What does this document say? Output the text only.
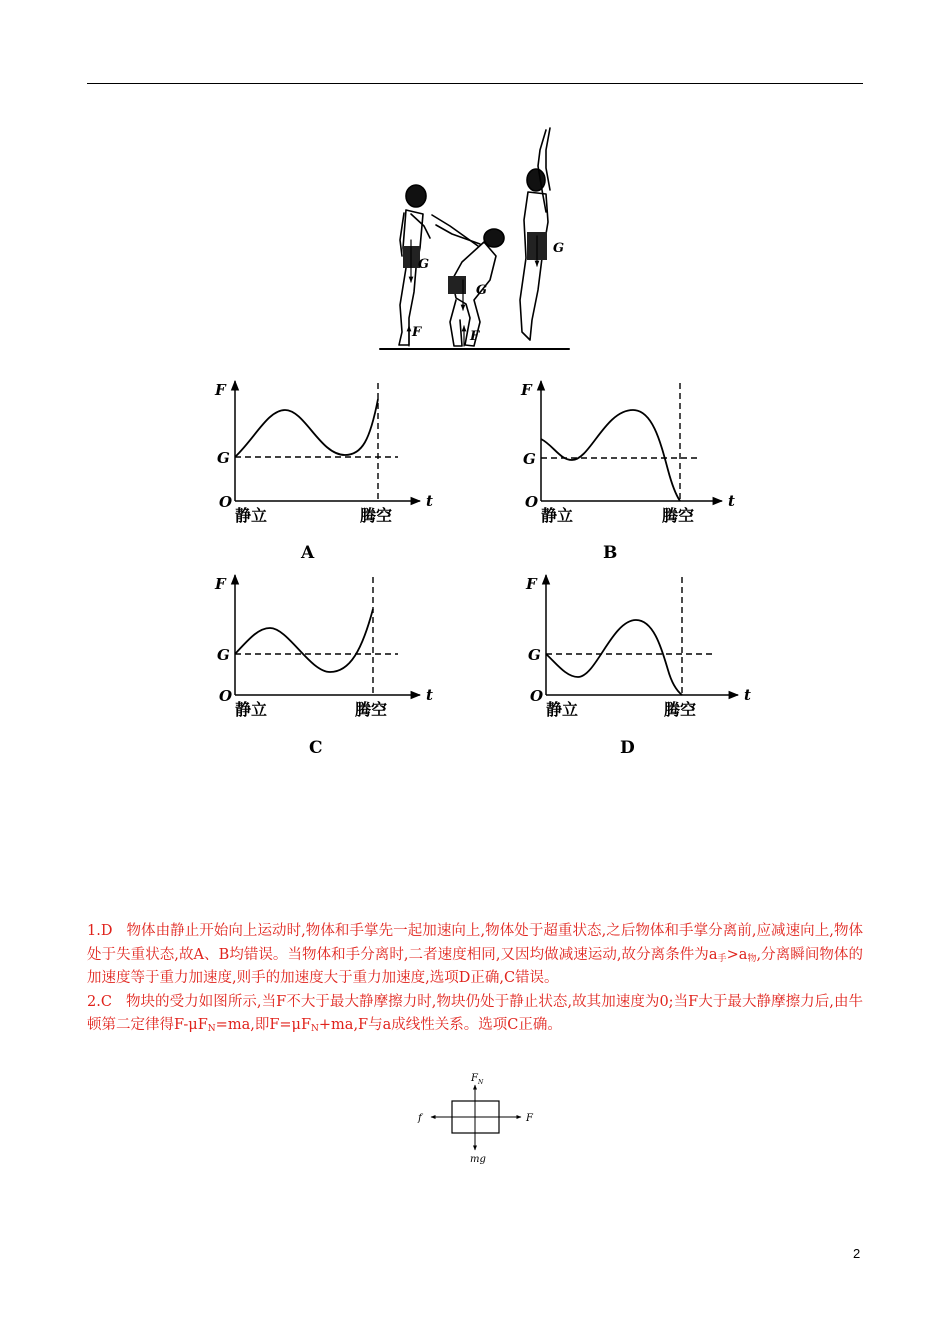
G
G
G
F	F
F
G
O	t
静立	腾空
A
F
G
O	t
静立	腾空
B
F
G
O	t
静立	腾空
C
F
G
O	t
静立	腾空
D
$F_N$
f	F
mg

1.D 物体由静止开始向上运动时,物体和手掌先一起加速向上,物体处于超重状态,之后物体和手掌分离前,应减速向上,物体处于失重状态,故A、B均错误。当物体和手分离时,二者速度相同,又因均做减速运动,故分离条件为$a_手>a_物$,分离瞬间物体的加速度等于重力加速度,则手的加速度大于重力加速度,选项D正确,C错误。

2.C 物块的受力如图所示,当F不大于最大静摩擦力时,物块仍处于静止状态,故其加速度为0;当F大于最大静摩擦力后,由牛顿第二定律得$F-\mu F_N=ma$,即$F=\mu F_N+ma,F$与a成线性关系。选项C正确。

2
